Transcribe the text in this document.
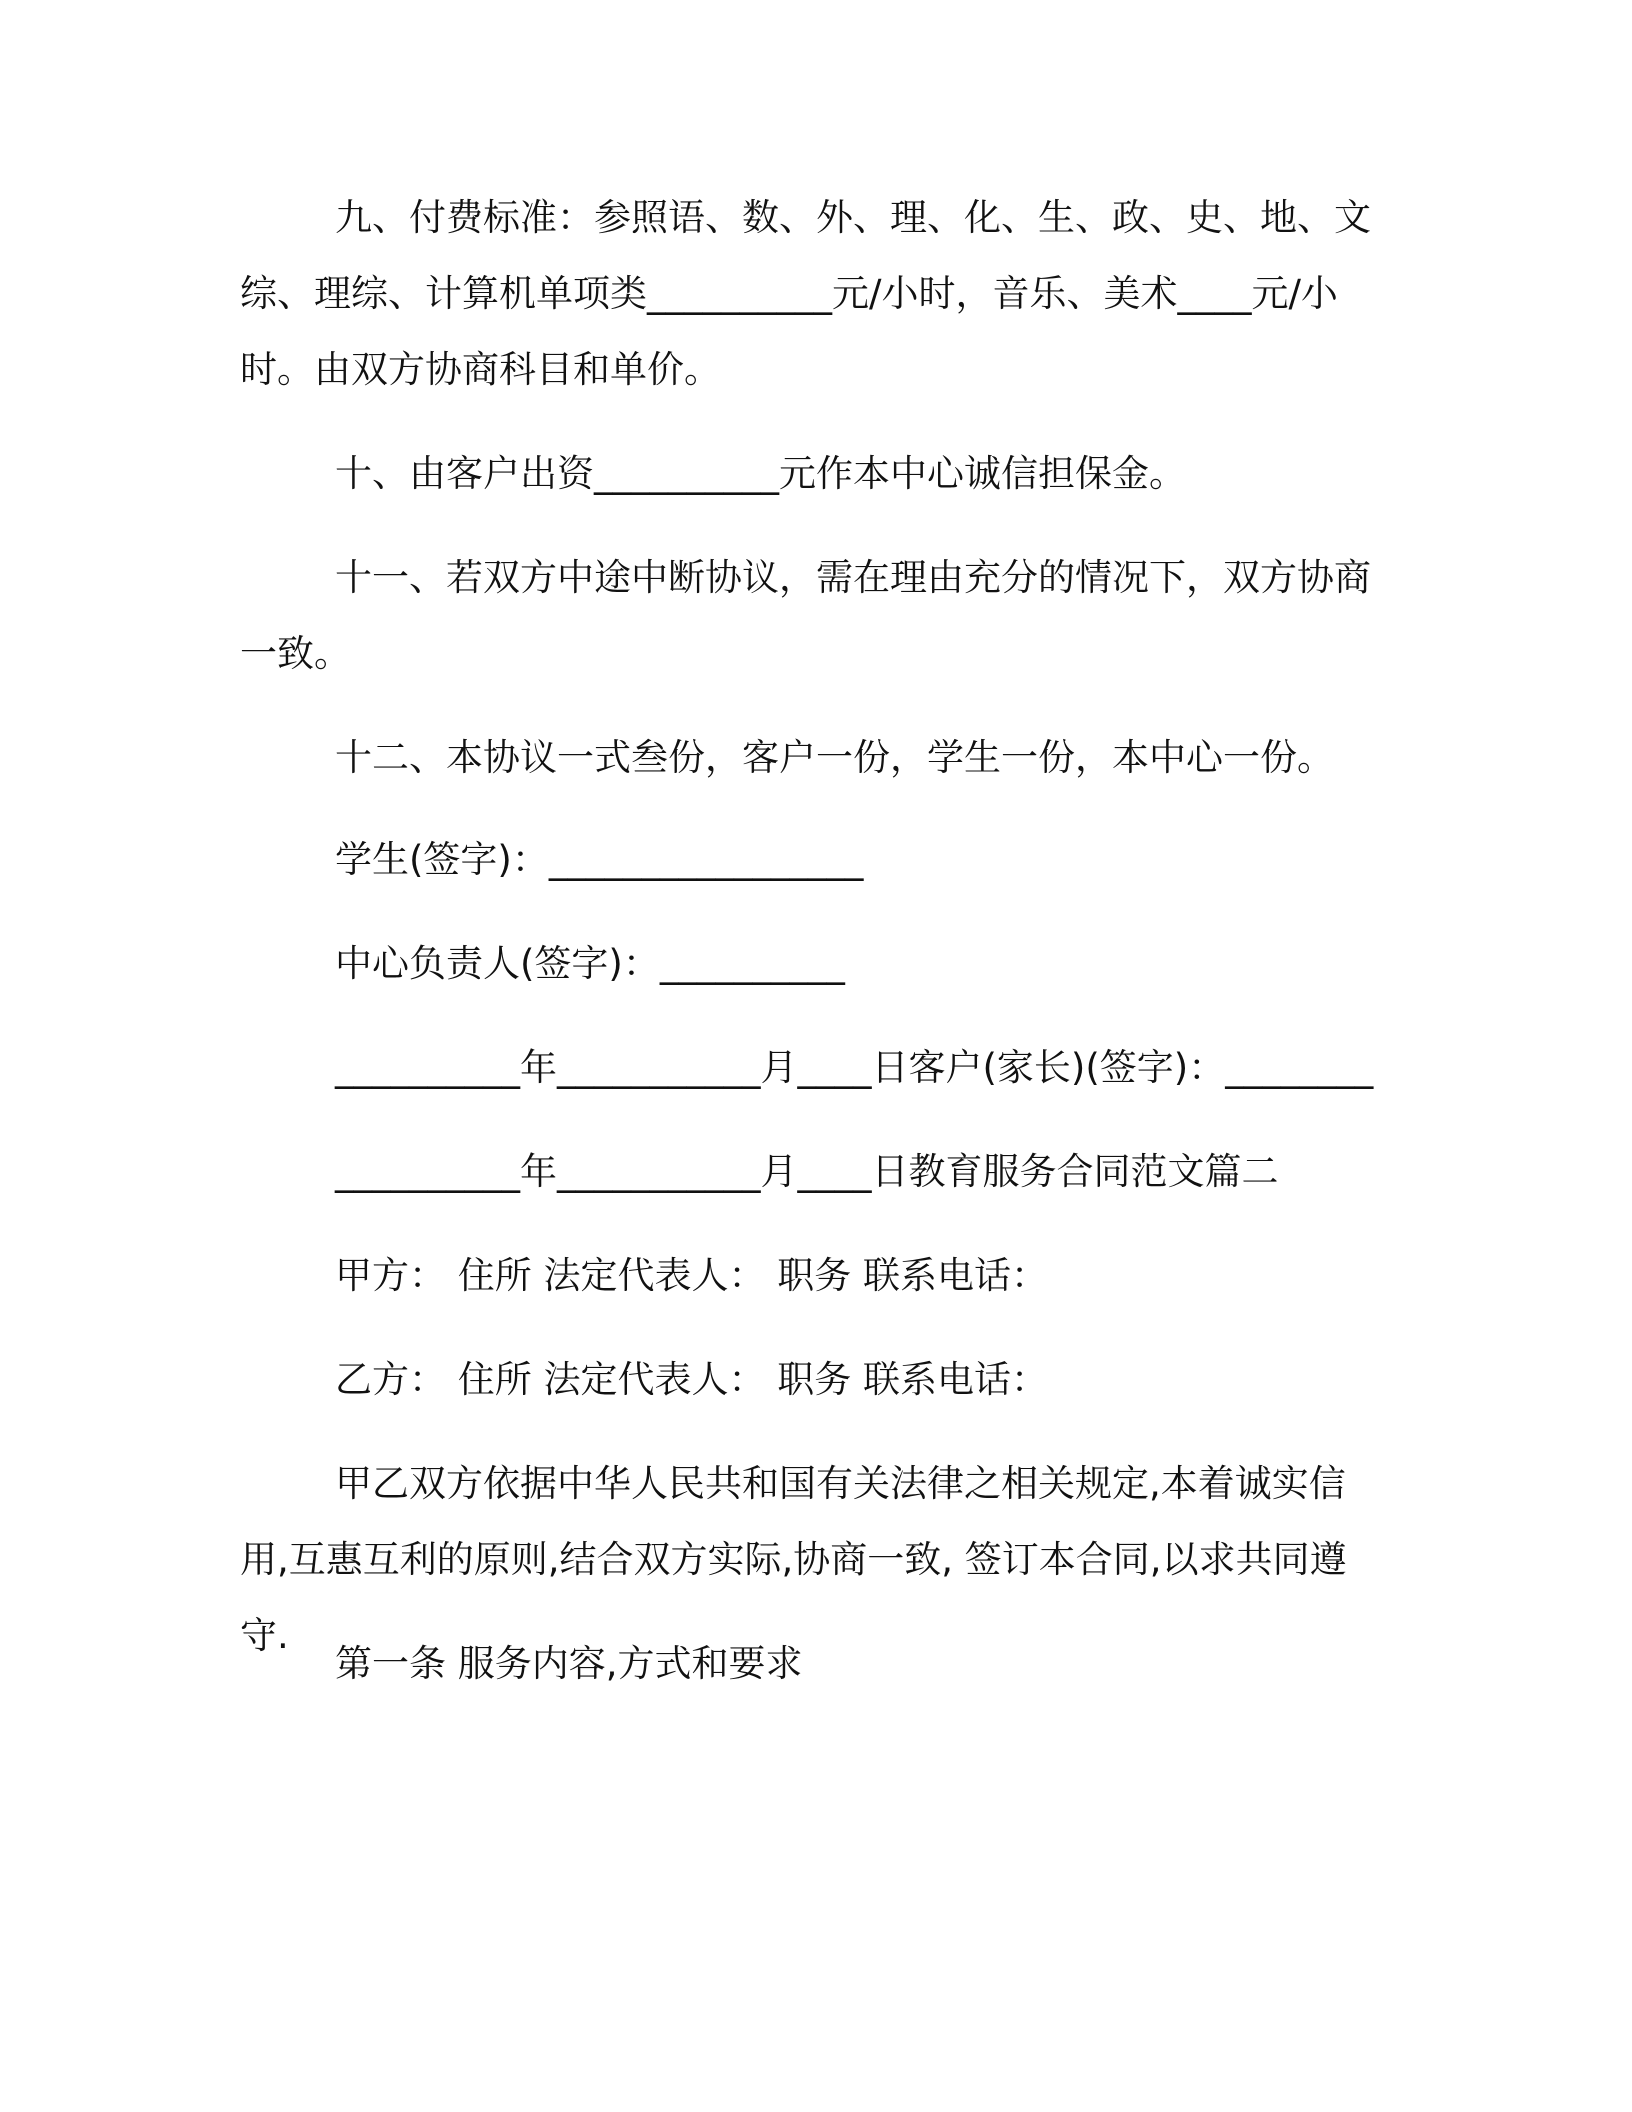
九、付费标准：参照语、数、外、理、化、生、政、史、地、文综、理综、计算机单项类__________元/小时，音乐、美术____元/小时。由双方协商科目和单价。

十、由客户出资__________元作本中心诚信担保金。

十一、若双方中途中断协议，需在理由充分的情况下，双方协商一致。

十二、本协议一式叁份，客户一份，学生一份，本中心一份。

学生(签字)：_________________

中心负责人(签字)：__________

__________年___________月____日客户(家长)(签字)：________

__________年___________月____日教育服务合同范文篇二

甲方： 住所 法定代表人： 职务 联系电话：

乙方： 住所 法定代表人： 职务 联系电话：

甲乙双方依据中华人民共和国有关法律之相关规定,本着诚实信用,互惠互利的原则,结合双方实际,协商一致, 签订本合同,以求共同遵守.

第一条 服务内容,方式和要求
